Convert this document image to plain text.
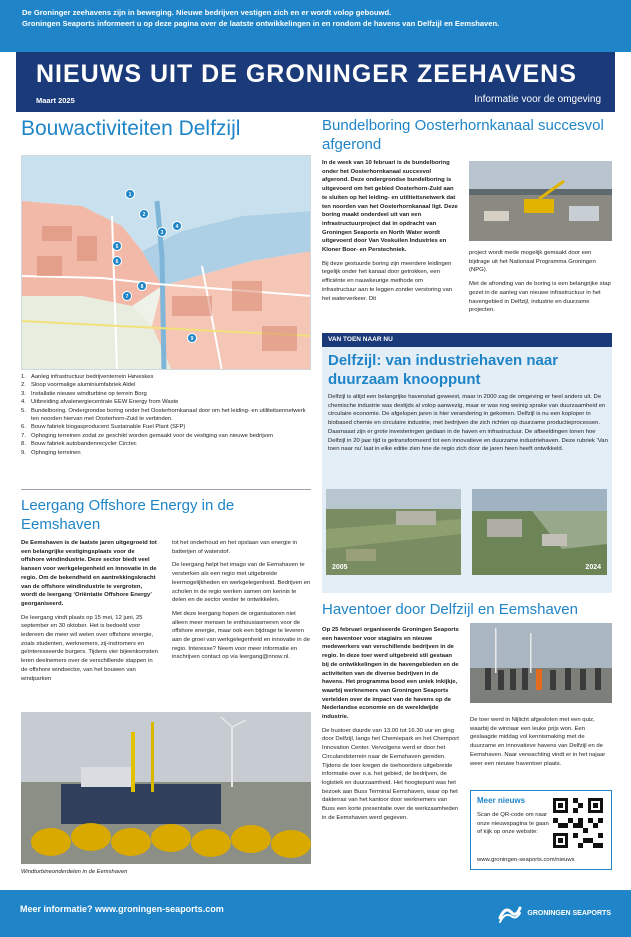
De Groninger zeehavens zijn in beweging. Nieuwe bedrijven vestigen zich en er wordt volop gebouwd.

Groningen Seaports informeert u op deze pagina over de laatste ontwikkelingen in en rondom de havens van Delfzijl en Eemshaven.

NIEUWS UIT DE GRONINGER ZEEHAVENS
Maart 2025	Informatie voor de omgeving
Bouwactiviteiten Delfzijl
1
2
3
4
5
6
7
8
9
1. Aanleg infrastructuur bedrijventerrein Høveskes
2. Sloop voormalige aluminiumfabriek Aldel
3. Installatie nieuwe windturbine op terrein Borg
4. Uitbreiding afvalenergiecentrale EEW Energy from Waste
5. Bundelboring. Ondergrondse boring onder het Oosterhornkanaal door om het leiding- en utiliteitsennetwerk ten noorden hiervan met Oosterhorn-Zuid te verbinden.
6. Bouw fabriek biogasproducent Sustainable Fuel Plant (SFP)
7. Ophoging terreinen zodat ze geschikt worden gemaakt voor de vestiging van nieuwe bedrijven
8. Bouw fabriek autobandenrecycler Circtec
9. Ophoging terreinen
Leergang Offshore Energy in de Eemshaven

De Eemshaven is de laatste jaren uitgegroeid tot een belangrijke vestigingsplaats voor de offshore windindustrie. Deze sector biedt veel kansen voor werkgelegenheid en innovatie in de regio. Om de bekendheid en aantrekkingskracht van de offshore windindustrie te vergroten, wordt de leergang ‘Oriëntatie Offshore Energy’ georganiseerd.

De leergang vindt plaats op 15 mei, 12 juni, 25 september en 30 oktober. Het is bedoeld voor iedereen die meer wil weten over offshore energie, zoals studenten, werknemers, zij-instromers en geïnteresseerde burgers. Tijdens vier bijeenkomsten leren deelnemers over de verschillende stappen in de offshore windsector, van het bouwen van windparken

tot het onderhoud en het opslaan van energie in batterijen of waterstof.

De leergang helpt het imago van de Eemshaven te versterken als een regio met uitgebreide leermogelijkheden en werkgelegenheid. Bedrijven en scholen in de regio werken samen om kennis te delen en de sector verder te ontwikkelen.

Met deze leergang hopen de organisatoren niet alleen meer mensen te enthousiasmeren voor de offshore energie, maar ook een bijdrage te leveren aan de groei van werkgelegenheid en innovatie in de regio. Interesse? Neem voor meer informatie en inschrijven contact op via leergang@nnow.nl.

Windturbineonderdelen in de Eemshaven
Bundelboring Oosterhornkanaal succesvol afgerond

In de week van 10 februari is de bundelboring onder het Oosterhornkanaal succesvol afgerond. Deze ondergrondse bundelboring is uitgevoerd om het gebied Oosterhorn-Zuid aan te sluiten op het leiding- en utiliteitsnetwerk dat ten noorden van het Oosterhornkanaal ligt. Deze boring maakt onderdeel uit van een infrastructuurproject dat in opdracht van Groningen Seaports en North Water wordt uitgevoerd door Van Voskuilen Industries en Kloner Boor- en Perstechniek.

Bij deze gestuurde boring zijn meerdere leidingen tegelijk onder het kanaal door getrokken, een efficiënte en nauwkeurige methode om infrastructuur aan te leggen zonder verstoring van het waterverkeer. Dit

project wordt mede mogelijk gemaakt door een bijdrage uit het Nationaal Programma Groningen (NPG).

Met de afronding van de boring is een belangrijke stap gezet in de aanleg van nieuwe infrastructuur in het havengebied in Delfzijl, industrie en duurzame projecten.

VAN TOEN NAAR NU
Delfzijl: van industriehaven naar duurzaam knooppunt

Delfzijl is altijd een belangrijke havenstad geweest, maar in 2000 zag de omgeving er heel anders uit. De chemische industrie was destijds al volop aanwezig, maar er was nog weinig sprake van duurzaamheid en circulaire economie. De afgelopen jaren is hier verandering in gekomen. Delfzijl is nu een koploper in biobased chemie en circulaire industrie, met bedrijven die zich richten op duurzame productieprocessen. Daarnaast zijn er grote investeringen gedaan in de haven en infrastructuur. De afbeeldingen tonen hoe Delfzijl in 20 jaar tijd is getransformeerd tot een innovatieve en duurzame industriehaven. Deze rubriek ‘Van toen naar nu’ laat in elke editie zien hoe de regio zich door de jaren heen heeft ontwikkeld.

2005	2024
Haventoer door Delfzijl en Eemshaven

Op 25 februari organiseerde Groningen Seaports een haventoer voor stagiairs en nieuwe medewerkers van verschillende bedrijven in de regio. In deze toer werd uitgebreid stil gestaan bij de ontwikkelingen in de havengebieden en de activiteiten van de diverse bedrijven in de havens. Het programma bood een uniek inkijkje, waarbij werknemers van Groningen Seaports vertelden over de impact van de havens op de Nederlandse economie en de wereldwijde industrie.

De bustoer duurde van 13.00 tot 16.30 uur en ging door Delfzijl, langs het Chemiepark en het Chemport Innovation Center. Vervolgens werd er door het Circulandsterrein naar de Eemshaven gereden. Tijdens de toer kregen de toehoorders uitgebreide informatie over o.a. het gebied, de bedrijven, de logistiek en duurzaamheid. Het hoogtepunt was het bezoek aan Buss Terminal Eemshaven, waar op het dakterras van het kantoor door werknemers van Buss een korte presentatie over de werkzaamheden in de Eemshaven werd gegeven.

De toer werd in Nijlicht afgesloten met een quiz, waarbij de winnaar een leuke prijs won. Een geslaagde middag vol kennismaking met de duurzame en innovatieve havens van Delfzijl en de Eemshaven. Naar verwachting vindt er in het najaar weer een nieuwe haventoer plaats.

Meer nieuws

Scan de QR-code om naar onze nieuwspagina te gaan of kijk op onze website:

www.groningen-seaports.com/nieuws
Meer informatie? www.groningen-seaports.com	GRONINGEN SEAPORTS
